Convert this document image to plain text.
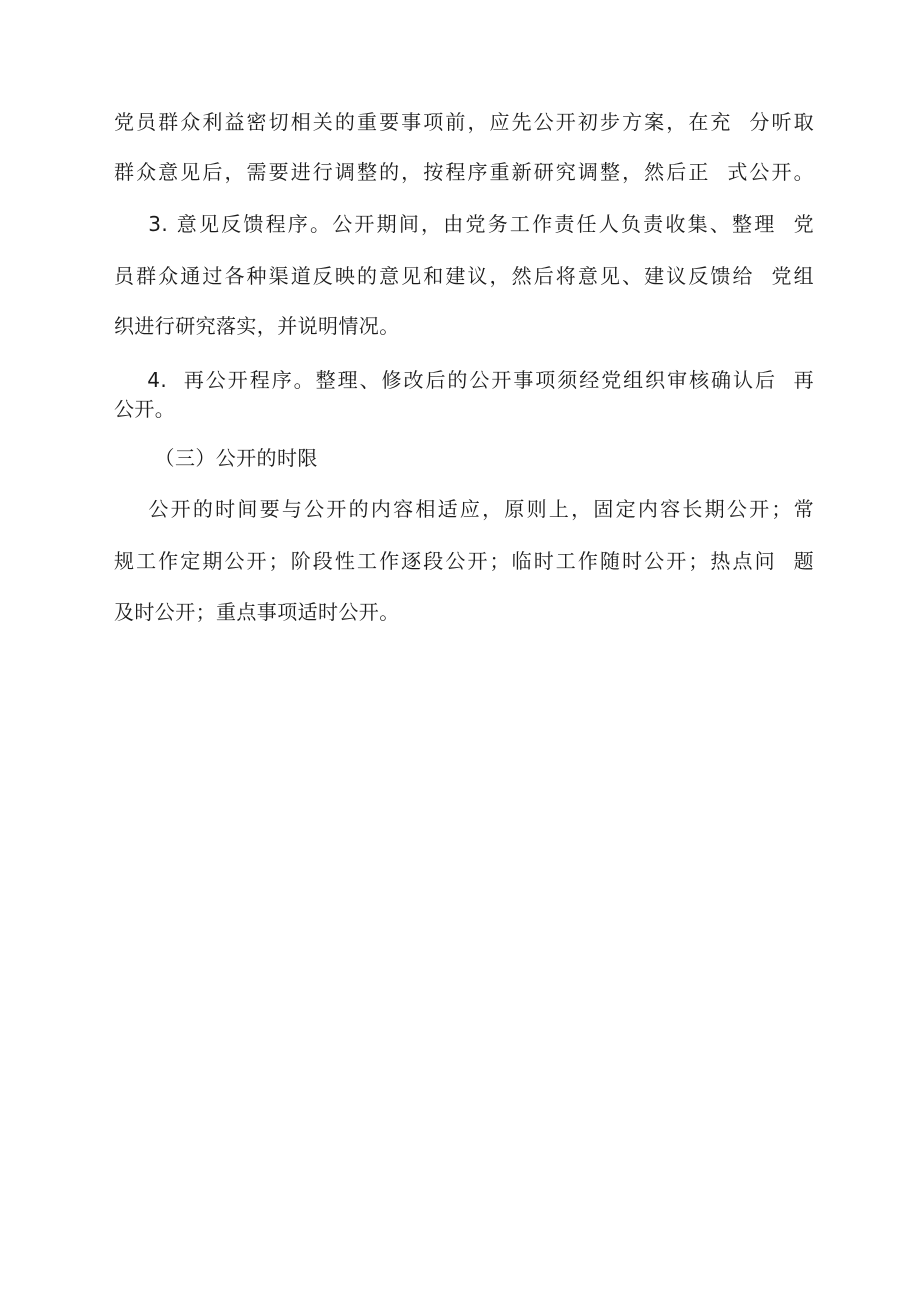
党员群众利益密切相关的重要事项前，应先公开初步方案，在充  分听取
群众意见后，需要进行调整的，按程序重新研究调整，然后正  式公开。
3. 意见反馈程序。公开期间，由党务工作责任人负责收集、整理  党
员群众通过各种渠道反映的意见和建议，然后将意见、建议反馈给  党组
织进行研究落实，并说明情况。
4.  再公开程序。整理、修改后的公开事项须经党组织审核确认后  再
公开。
（三）公开的时限
公开的时间要与公开的内容相适应，原则上，固定内容长期公开；常
规工作定期公开；阶段性工作逐段公开；临时工作随时公开；热点问  题
及时公开；重点事项适时公开。
